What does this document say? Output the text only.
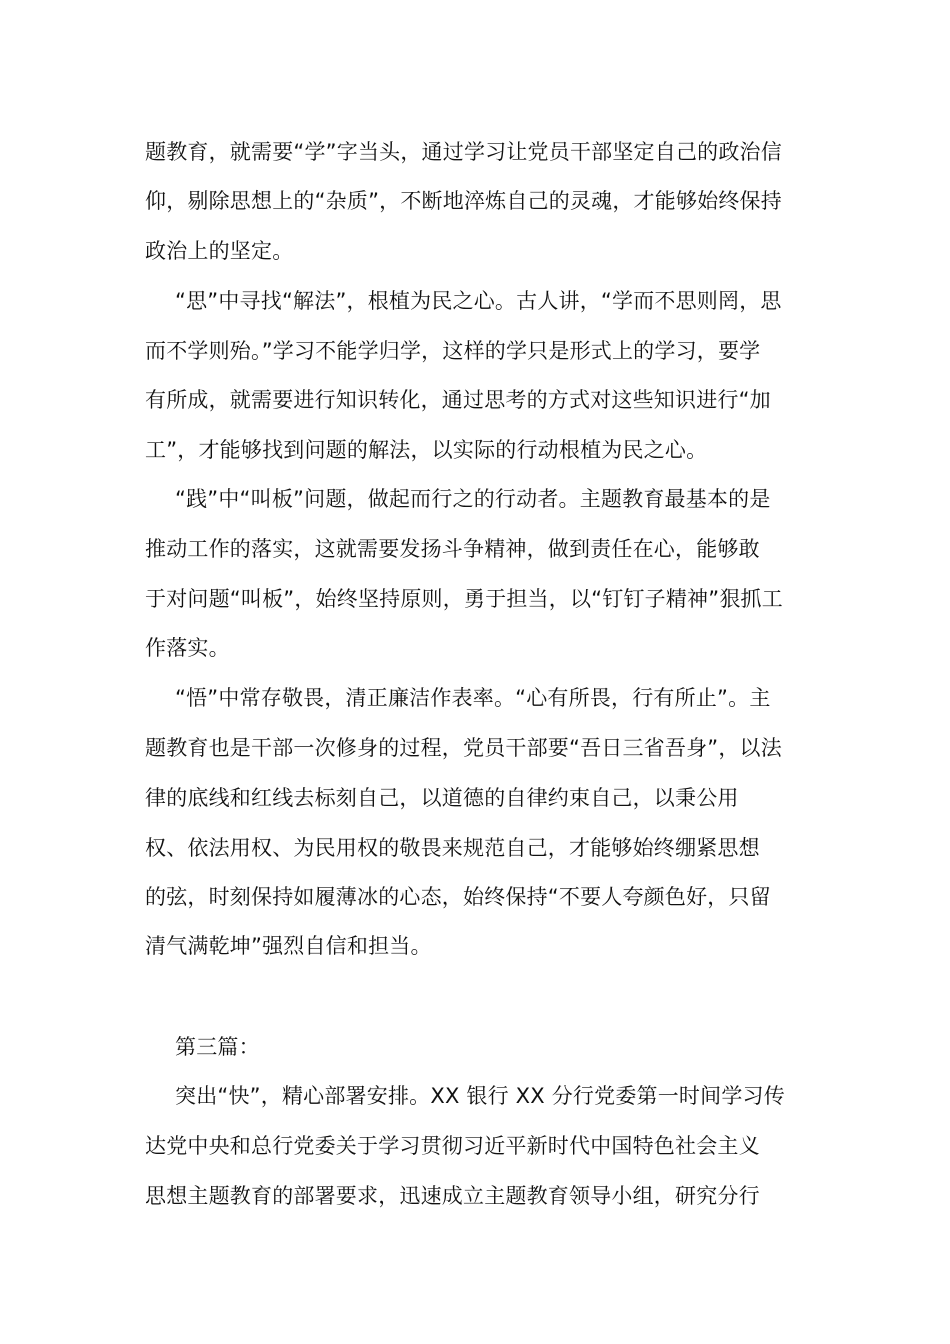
题教育，就需要“学”字当头，通过学习让党员干部坚定自己的政治信
仰，剔除思想上的“杂质”，不断地淬炼自己的灵魂，才能够始终保持
政治上的坚定。
“思”中寻找“解法”，根植为民之心。古人讲，“学而不思则罔，思
而不学则殆。”学习不能学归学，这样的学只是形式上的学习，要学
有所成，就需要进行知识转化，通过思考的方式对这些知识进行“加
工”，才能够找到问题的解法，以实际的行动根植为民之心。
“践”中“叫板”问题，做起而行之的行动者。主题教育最基本的是
推动工作的落实，这就需要发扬斗争精神，做到责任在心，能够敢
于对问题“叫板”，始终坚持原则，勇于担当，以“钉钉子精神”狠抓工
作落实。
“悟”中常存敬畏，清正廉洁作表率。“心有所畏，行有所止”。主
题教育也是干部一次修身的过程，党员干部要“吾日三省吾身”，以法
律的底线和红线去标刻自己，以道德的自律约束自己，以秉公用
权、依法用权、为民用权的敬畏来规范自己，才能够始终绷紧思想
的弦，时刻保持如履薄冰的心态，始终保持“不要人夸颜色好，只留
清气满乾坤”强烈自信和担当。
第三篇：
突出“快”，精心部署安排。XX 银行 XX 分行党委第一时间学习传
达党中央和总行党委关于学习贯彻习近平新时代中国特色社会主义
思想主题教育的部署要求，迅速成立主题教育领导小组，研究分行
